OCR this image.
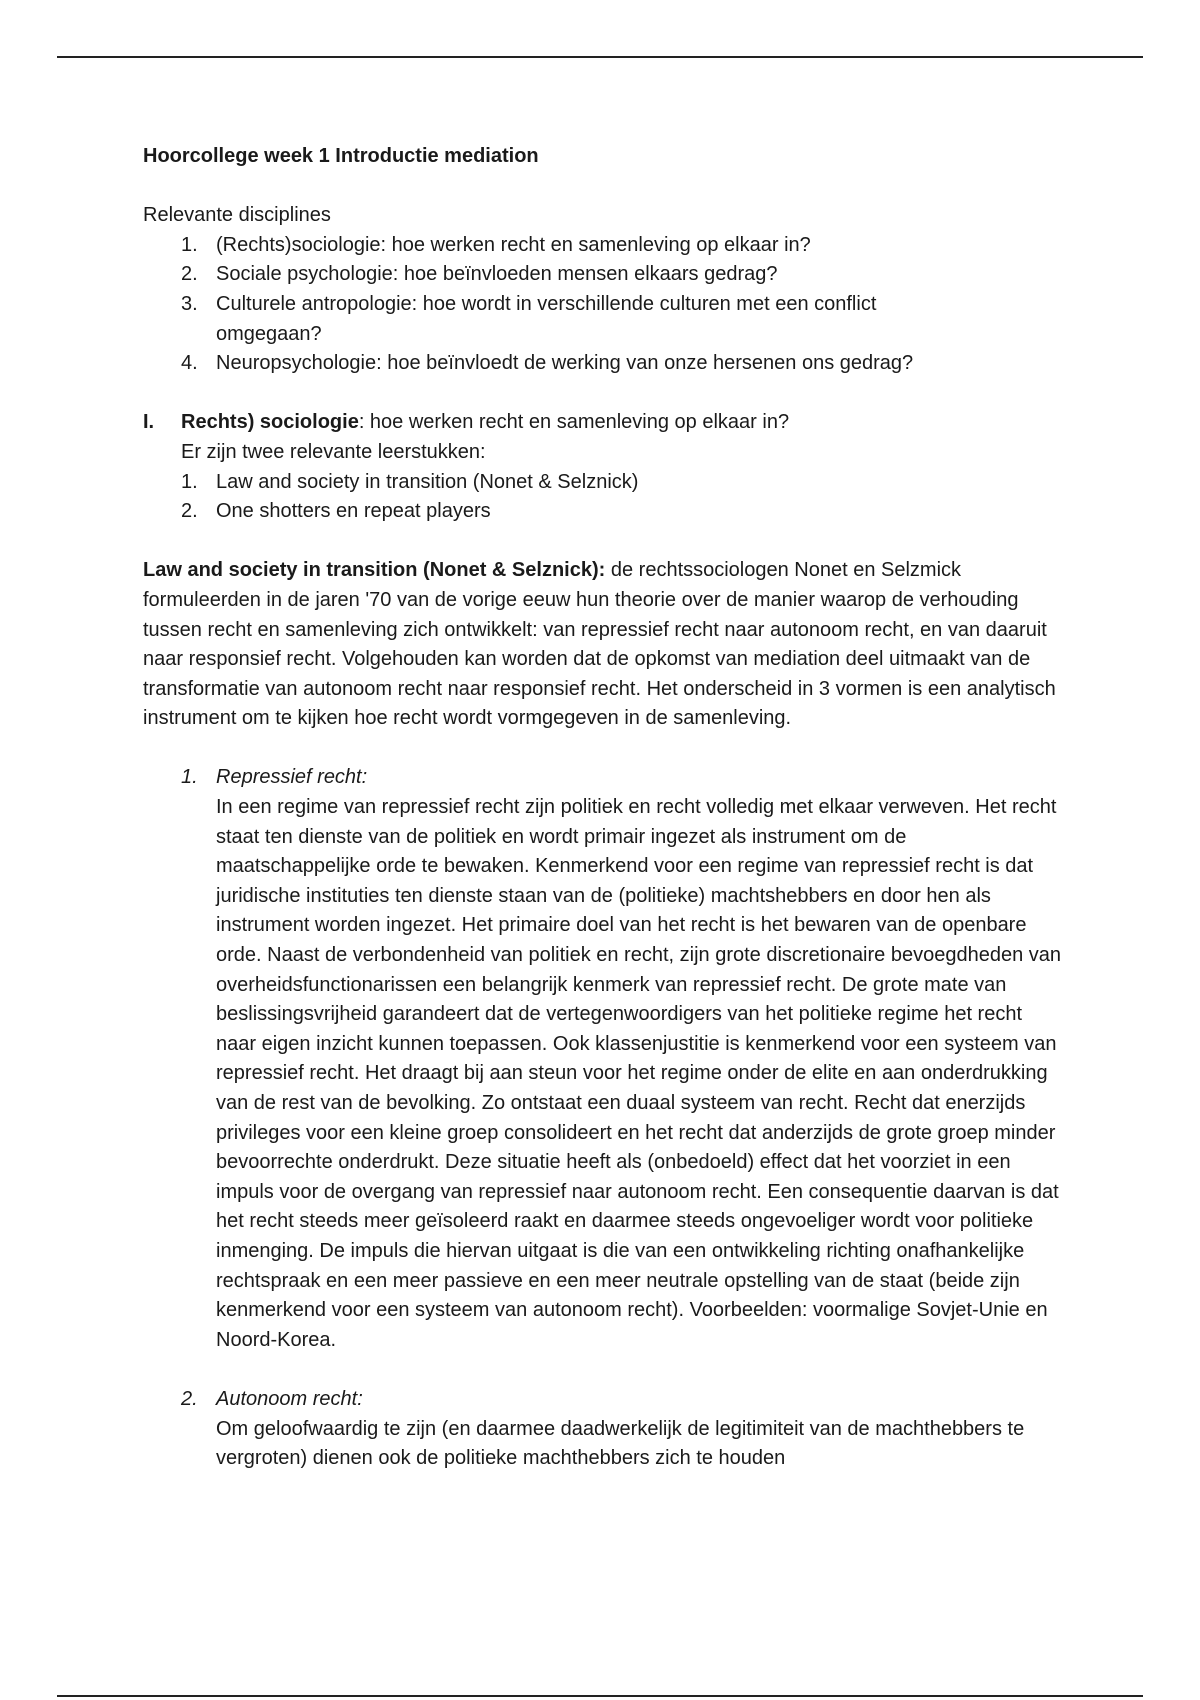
Hoorcollege week 1 Introductie mediation

Relevante disciplines

1. (Rechts)sociologie: hoe werken recht en samenleving op elkaar in?
2. Sociale psychologie: hoe beïnvloeden mensen elkaars gedrag?
3. Culturele antropologie: hoe wordt in verschillende culturen met een conflict omgegaan?
4. Neuropsychologie: hoe beïnvloedt de werking van onze hersenen ons gedrag?
I. Rechts) sociologie: hoe werken recht en samenleving op elkaar in?

Er zijn twee relevante leerstukken:

1. Law and society in transition (Nonet & Selznick)
2. One shotters en repeat players

Law and society in transition (Nonet & Selznick): de rechtssociologen Nonet en Selzmick formuleerden in de jaren '70 van de vorige eeuw hun theorie over de manier waarop de verhouding tussen recht en samenleving zich ontwikkelt: van repressief recht naar autonoom recht, en van daaruit naar responsief recht. Volgehouden kan worden dat de opkomst van mediation deel uitmaakt van de transformatie van autonoom recht naar responsief recht. Het onderscheid in 3 vormen is een analytisch instrument om te kijken hoe recht wordt vormgegeven in de samenleving.

1. Repressief recht:

In een regime van repressief recht zijn politiek en recht volledig met elkaar verweven. Het recht staat ten dienste van de politiek en wordt primair ingezet als instrument om de maatschappelijke orde te bewaken. Kenmerkend voor een regime van repressief recht is dat juridische instituties ten dienste staan van de (politieke) machtshebbers en door hen als instrument worden ingezet. Het primaire doel van het recht is het bewaren van de openbare orde. Naast de verbondenheid van politiek en recht, zijn grote discretionaire bevoegdheden van overheidsfunctionarissen een belangrijk kenmerk van repressief recht. De grote mate van beslissingsvrijheid garandeert dat de vertegenwoordigers van het politieke regime het recht naar eigen inzicht kunnen toepassen. Ook klassenjustitie is kenmerkend voor een systeem van repressief recht. Het draagt bij aan steun voor het regime onder de elite en aan onderdrukking van de rest van de bevolking. Zo ontstaat een duaal systeem van recht. Recht dat enerzijds privileges voor een kleine groep consolideert en het recht dat anderzijds de grote groep minder bevoorrechte onderdrukt. Deze situatie heeft als (onbedoeld) effect dat het voorziet in een impuls voor de overgang van repressief naar autonoom recht. Een consequentie daarvan is dat het recht steeds meer geïsoleerd raakt en daarmee steeds ongevoeliger wordt voor politieke inmenging. De impuls die hiervan uitgaat is die van een ontwikkeling richting onafhankelijke rechtspraak en een meer passieve en een meer neutrale opstelling van de staat (beide zijn kenmerkend voor een systeem van autonoom recht). Voorbeelden: voormalige Sovjet-Unie en Noord-Korea.

2. Autonoom recht:

Om geloofwaardig te zijn (en daarmee daadwerkelijk de legitimiteit van de machthebbers te vergroten) dienen ook de politieke machthebbers zich te houden
